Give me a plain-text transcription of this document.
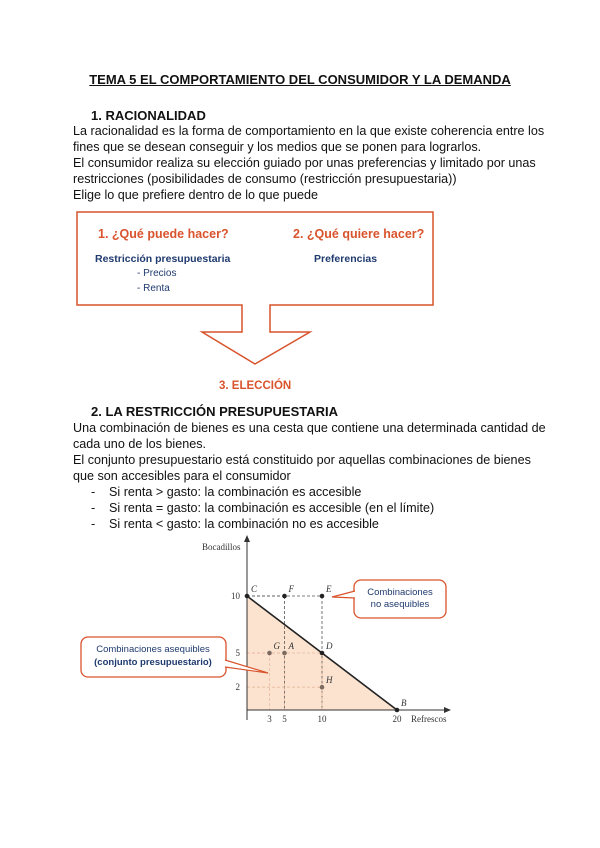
TEMA 5 EL COMPORTAMIENTO DEL CONSUMIDOR Y LA DEMANDA
1. RACIONALIDAD
La racionalidad es la forma de comportamiento en la que existe coherencia entre los
fines que se desean conseguir y los medios que se ponen para lograrlos.
El consumidor realiza su elección guiado por unas preferencias y limitado por unas
restricciones (posibilidades de consumo (restricción presupuestaria))
Elige lo que prefiere dentro de lo que puede
1. ¿Qué puede hacer?	2. ¿Qué quiere hacer?
Restricción presupuestaria
- Precios
- Renta
Preferencias
3. ELECCIÓN
2. LA RESTRICCIÓN PRESUPUESTARIA
Una combinación de bienes es una cesta que contiene una determinada cantidad de
cada uno de los bienes.
El conjunto presupuestario está constituido por aquellas combinaciones de bienes
que son accesibles para el consumidor
- Si renta > gasto: la combinación es accesible
- Si renta = gasto: la combinación es accesible (en el límite)
- Si renta < gasto: la combinación no es accesible
Bocadillos
Refrescos
3 5	10	20
10
5
2
C	F	E
G A	D
H
B
Combinaciones
no asequibles
Combinaciones asequibles
(conjunto presupuestario)
